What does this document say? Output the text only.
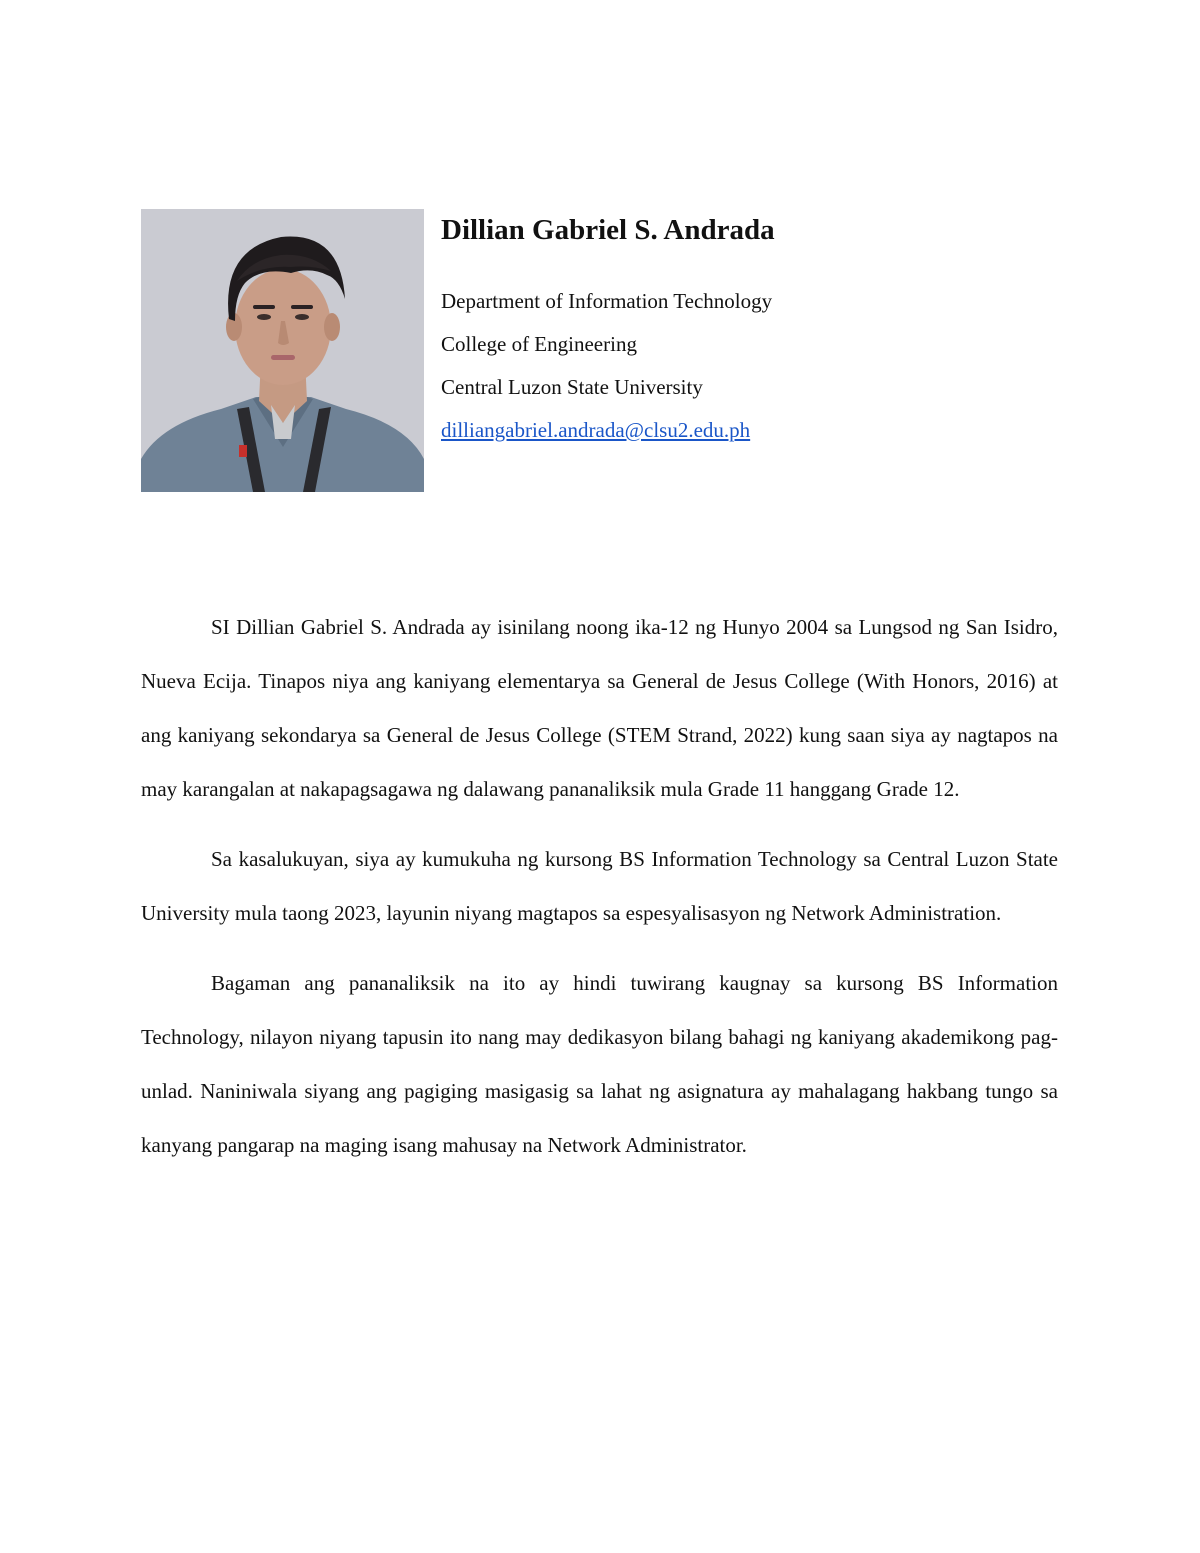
Dillian Gabriel S. Andrada

Department of Information Technology

College of Engineering

Central Luzon State University

dilliangabriel.andrada@clsu2.edu.ph

SI Dillian Gabriel S. Andrada ay isinilang noong ika-12 ng Hunyo 2004 sa Lungsod ng San Isidro, Nueva Ecija. Tinapos niya ang kaniyang elementarya sa General de Jesus College (With Honors, 2016) at ang kaniyang sekondarya sa General de Jesus College (STEM Strand, 2022) kung saan siya ay nagtapos na may karangalan at nakapagsagawa ng dalawang pananaliksik mula Grade 11 hanggang Grade 12.

Sa kasalukuyan, siya ay kumukuha ng kursong BS Information Technology sa Central Luzon State University mula taong 2023, layunin niyang magtapos sa espesyalisasyon ng Network Administration.

Bagaman ang pananaliksik na ito ay hindi tuwirang kaugnay sa kursong BS Information Technology, nilayon niyang tapusin ito nang may dedikasyon bilang bahagi ng kaniyang akademikong pag-unlad. Naniniwala siyang ang pagiging masigasig sa lahat ng asignatura ay mahalagang hakbang tungo sa kanyang pangarap na maging isang mahusay na Network Administrator.
